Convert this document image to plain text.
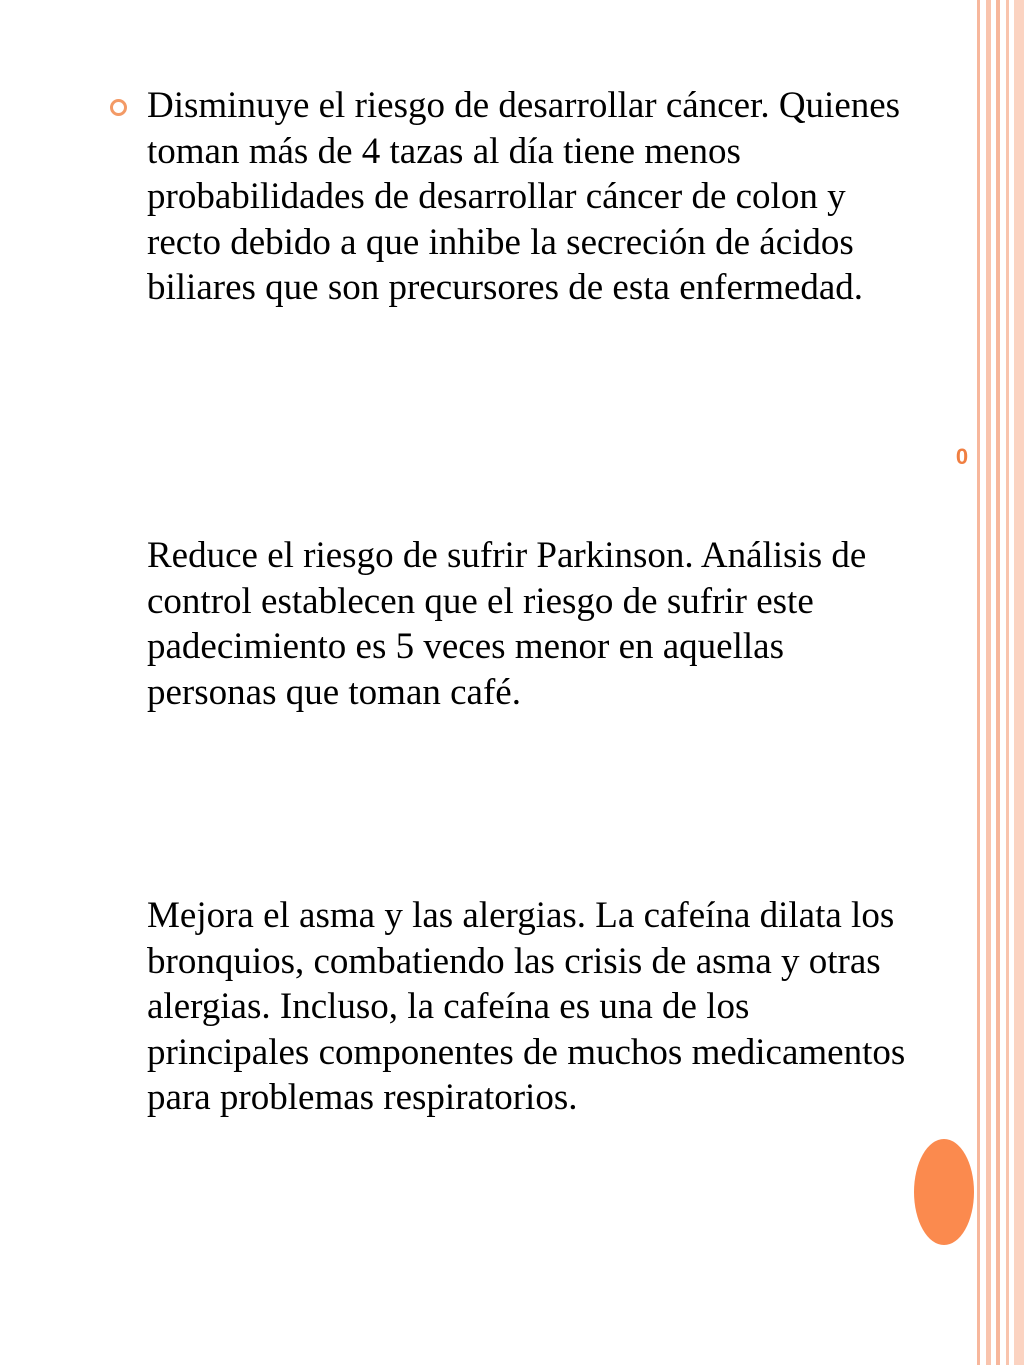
0

Disminuye el riesgo de desarrollar cáncer. Quienes toman más de 4 tazas al día tiene menos probabilidades de desarrollar cáncer de colon y recto debido a que inhibe la secreción de ácidos biliares que son precursores de esta enfermedad.

Reduce el riesgo de sufrir Parkinson. Análisis de control establecen que el riesgo de sufrir este padecimiento es 5 veces menor en aquellas personas que toman café.

Mejora el asma y las alergias. La cafeína dilata los bronquios, combatiendo las crisis de asma y otras alergias. Incluso, la cafeína es una de los principales componentes de muchos medicamentos para problemas respiratorios.
